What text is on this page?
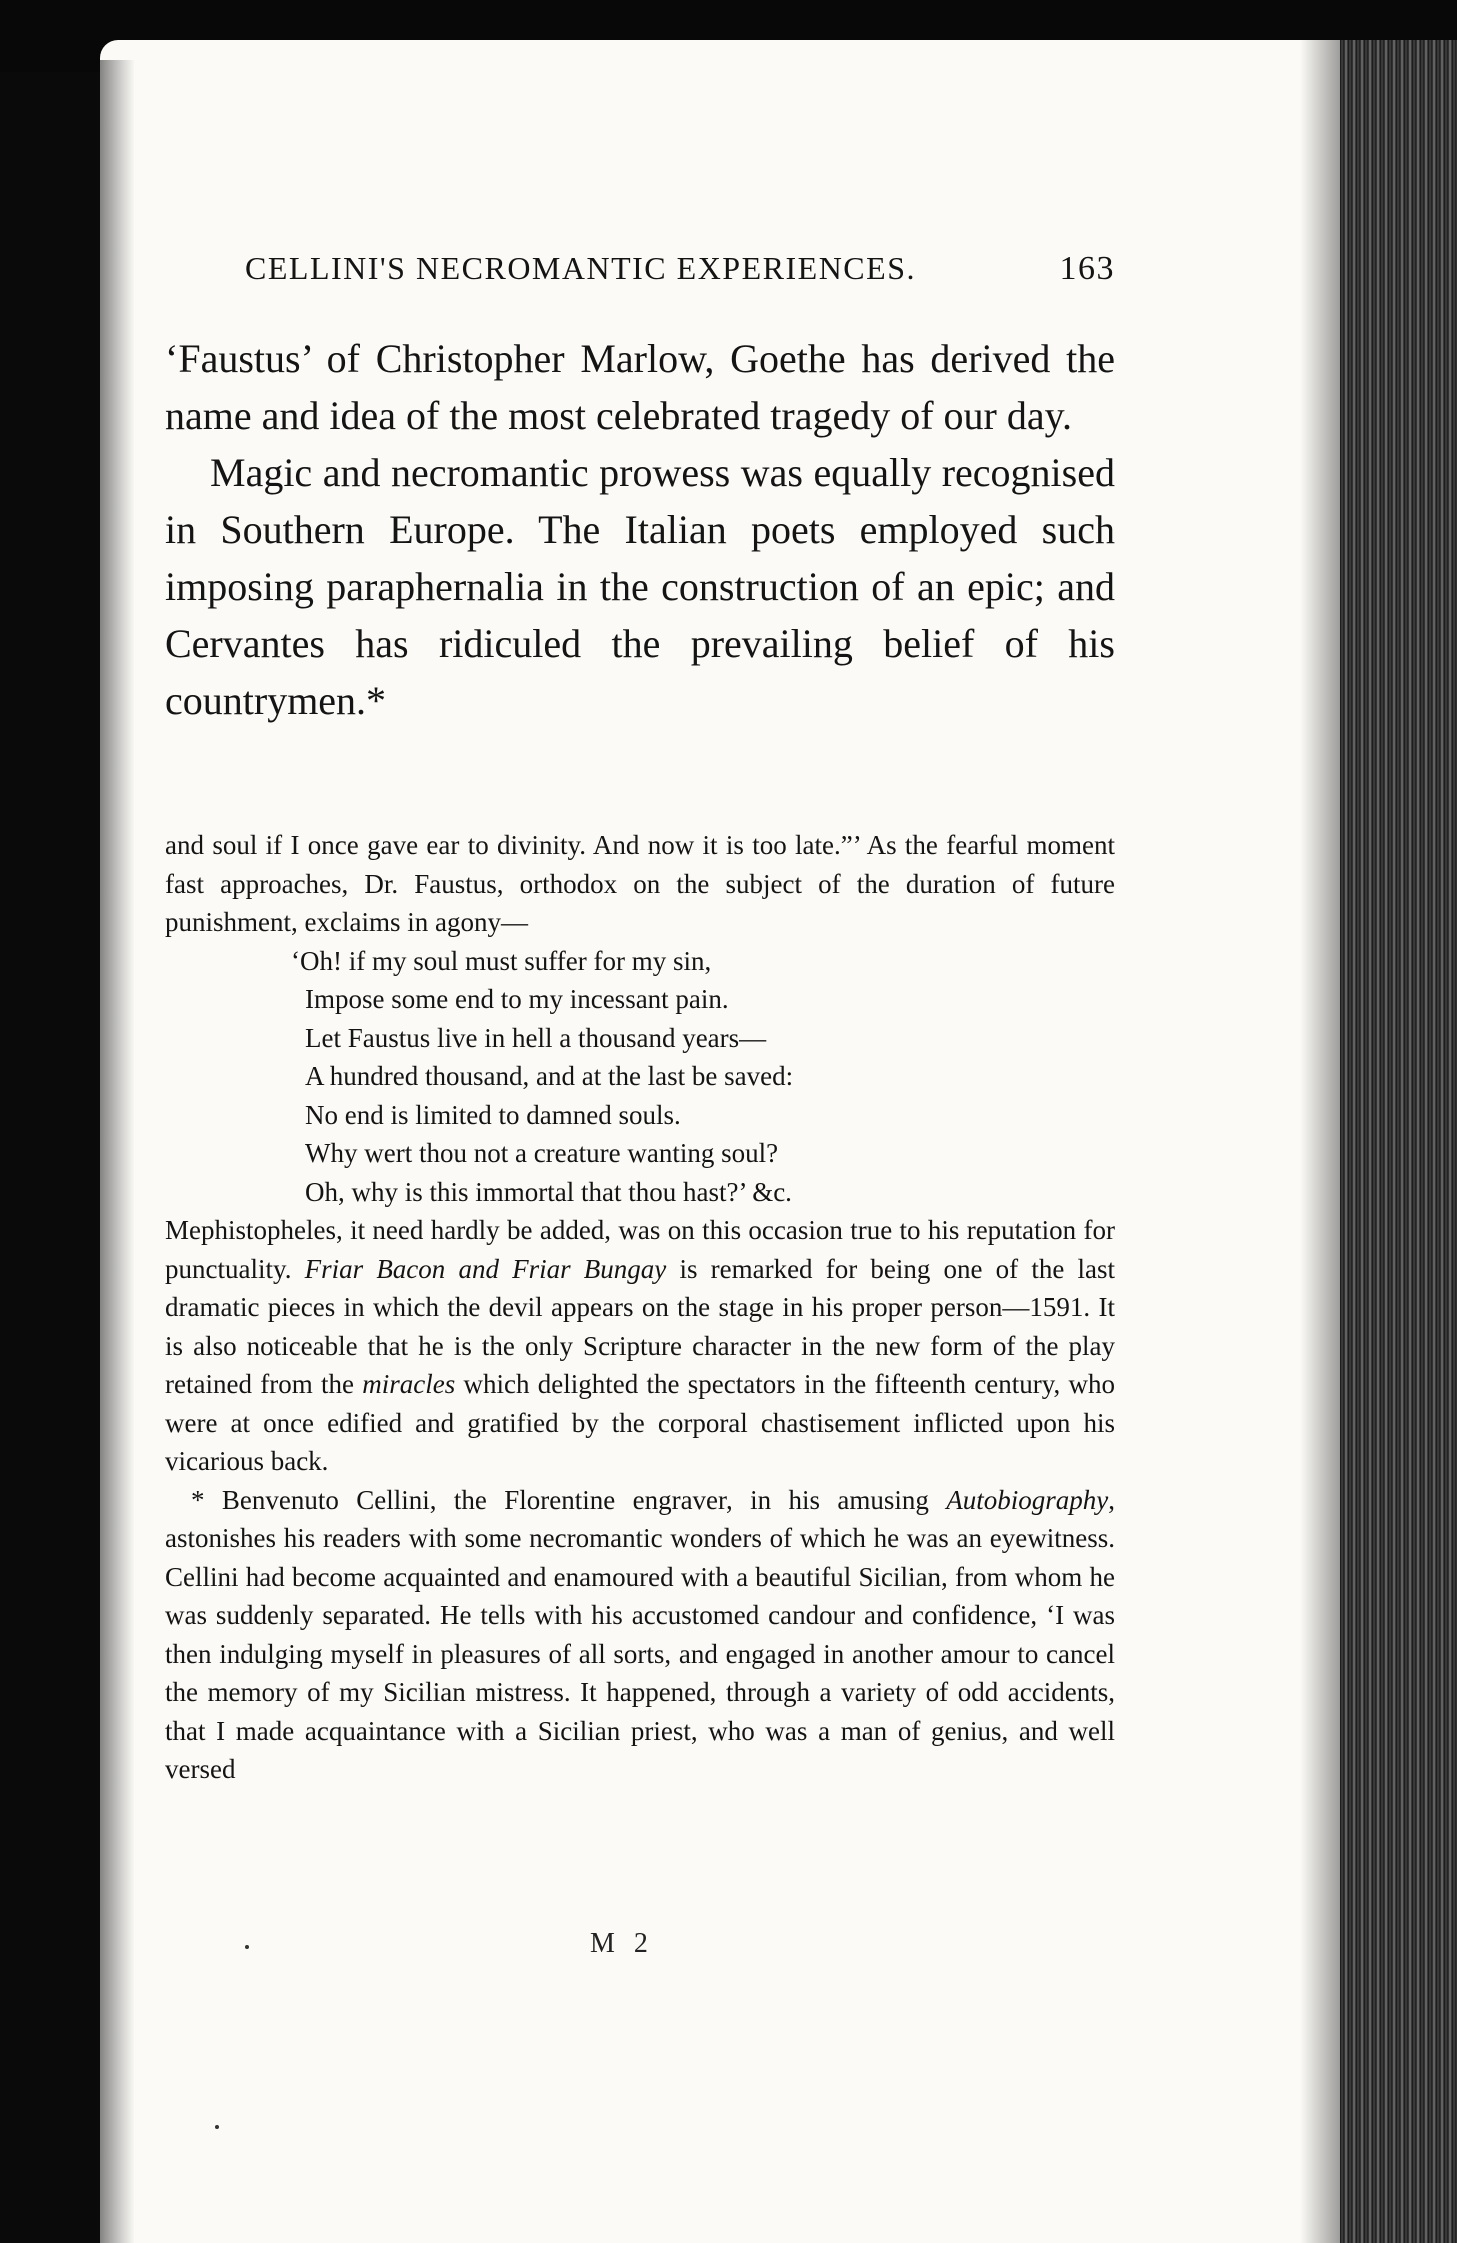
CELLINI'S NECROMANTIC EXPERIENCES.	163

‘Faustus’ of Christopher Marlow, Goethe has derived the name and idea of the most celebrated tragedy of our day.

Magic and necromantic prowess was equally recognised in Southern Europe. The Italian poets employed such imposing paraphernalia in the construction of an epic; and Cervantes has ridiculed the prevailing belief of his countrymen.*

and soul if I once gave ear to divinity. And now it is too late.”’ As the fearful moment fast approaches, Dr. Faustus, orthodox on the subject of the duration of future punishment, exclaims in agony—

‘Oh! if my soul must suffer for my sin,
Impose some end to my incessant pain.
Let Faustus live in hell a thousand years—
A hundred thousand, and at the last be saved:
No end is limited to damned souls.
Why wert thou not a creature wanting soul?
Oh, why is this immortal that thou hast?’ &c.

Mephistopheles, it need hardly be added, was on this occasion true to his reputation for punctuality. Friar Bacon and Friar Bungay is remarked for being one of the last dramatic pieces in which the devil appears on the stage in his proper person—1591. It is also noticeable that he is the only Scripture character in the new form of the play retained from the miracles which delighted the spectators in the fifteenth century, who were at once edified and gratified by the corporal chastisement inflicted upon his vicarious back.

* Benvenuto Cellini, the Florentine engraver, in his amusing Autobiography, astonishes his readers with some necromantic wonders of which he was an eyewitness. Cellini had become acquainted and enamoured with a beautiful Sicilian, from whom he was suddenly separated. He tells with his accustomed candour and confidence, ‘I was then indulging myself in pleasures of all sorts, and engaged in another amour to cancel the memory of my Sicilian mistress. It happened, through a variety of odd accidents, that I made acquaintance with a Sicilian priest, who was a man of genius, and well versed

M 2
